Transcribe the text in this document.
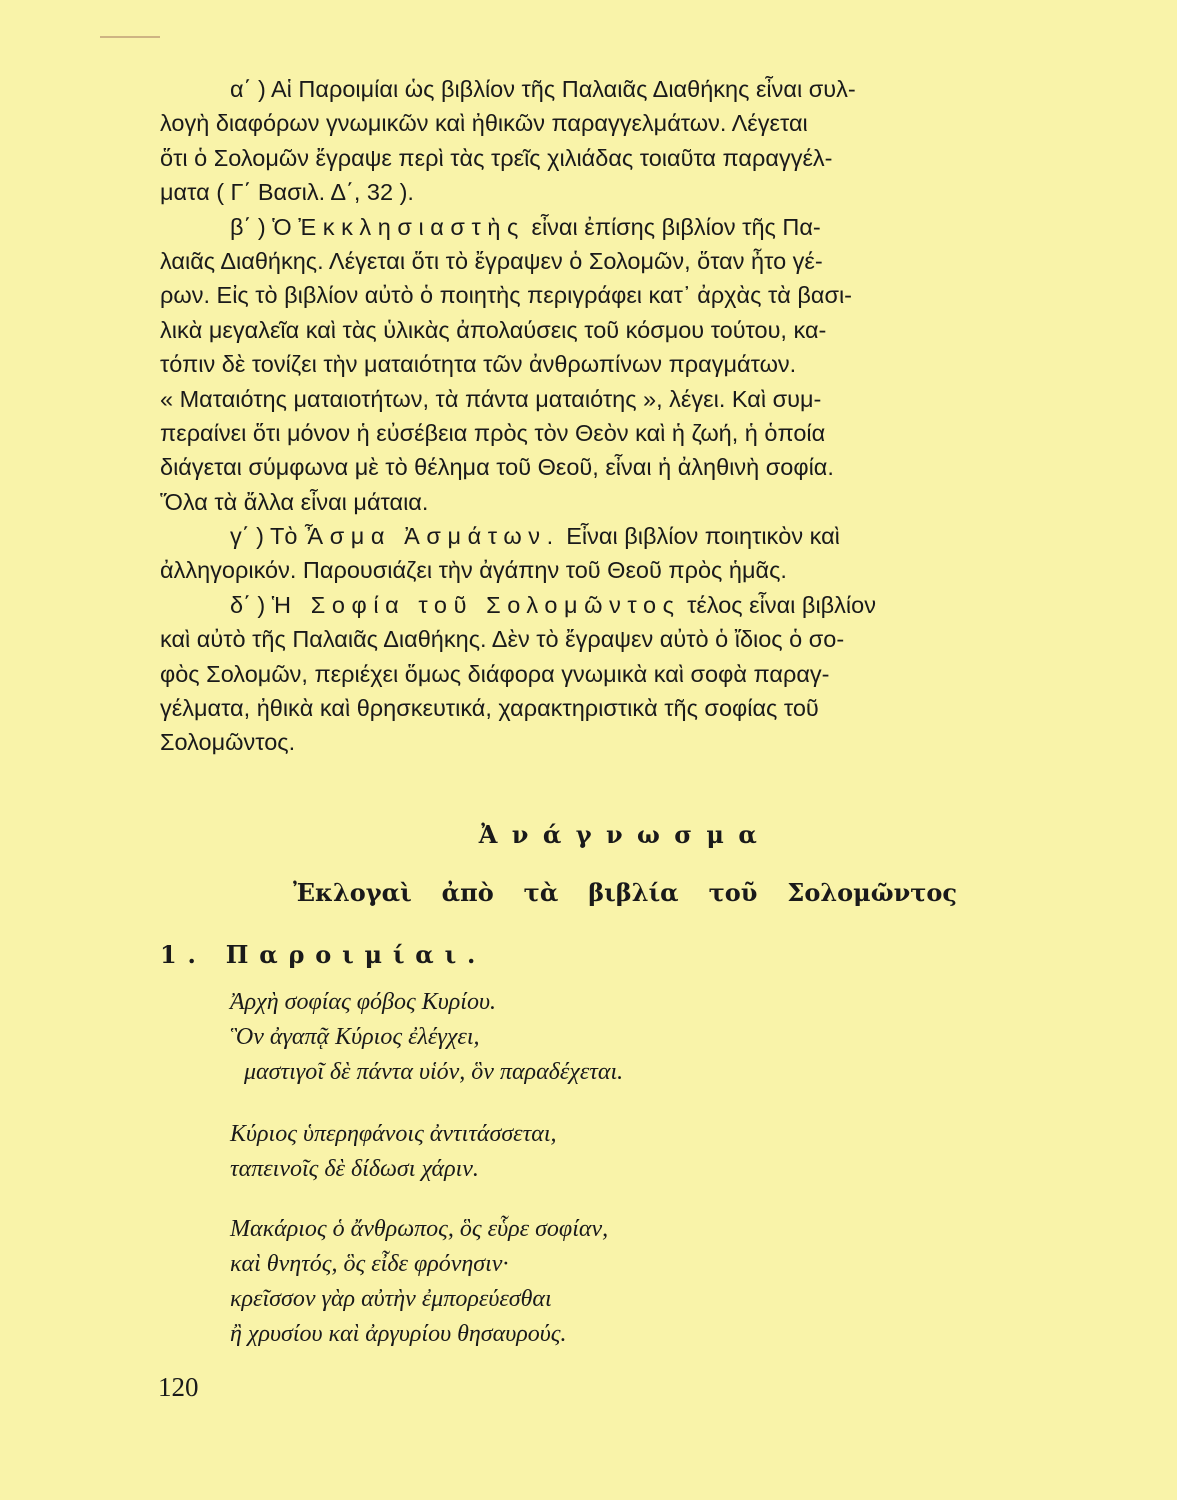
α΄ ) Αἱ Παροιμίαι ὡς βιβλίον τῆς Παλαιᾶς Διαθήκης εἶναι συλ-
λογὴ διαφόρων γνωμικῶν καὶ ἠθικῶν παραγγελμάτων. Λέγεται
ὅτι ὁ Σολομῶν ἔγραψε περὶ τὰς τρεῖς χιλιάδας τοιαῦτα παραγγέλ-
ματα ( Γ΄ Βασιλ. Δ΄, 32 ).
β΄ ) Ὁ Ἐκκλησιαστὴς εἶναι ἐπίσης βιβλίον τῆς Πα-
λαιᾶς Διαθήκης. Λέγεται ὅτι τὸ ἔγραψεν ὁ Σολομῶν, ὅταν ἦτο γέ-
ρων. Εἰς τὸ βιβλίον αὐτὸ ὁ ποιητὴς περιγράφει κατ᾽ ἀρχὰς τὰ βασι-
λικὰ μεγαλεῖα καὶ τὰς ὑλικὰς ἀπολαύσεις τοῦ κόσμου τούτου, κα-
τόπιν δὲ τονίζει τὴν ματαιότητα τῶν ἀνθρωπίνων πραγμάτων.
« Ματαιότης ματαιοτήτων, τὰ πάντα ματαιότης », λέγει. Καὶ συμ-
περαίνει ὅτι μόνον ἡ εὐσέβεια πρὸς τὸν Θεὸν καὶ ἡ ζωή, ἡ ὁποία
διάγεται σύμφωνα μὲ τὸ θέλημα τοῦ Θεοῦ, εἶναι ἡ ἀληθινὴ σοφία.
Ὅλα τὰ ἄλλα εἶναι μάταια.
γ΄ ) Τὸ Ἆσμα Ἀσμάτων. Εἶναι βιβλίον ποιητικὸν καὶ
ἀλληγορικόν. Παρουσιάζει τὴν ἀγάπην τοῦ Θεοῦ πρὸς ἡμᾶς.
δ΄ ) Ἡ Σοφία τοῦ Σολομῶντος τέλος εἶναι βιβλίον
καὶ αὐτὸ τῆς Παλαιᾶς Διαθήκης. Δὲν τὸ ἔγραψεν αὐτὸ ὁ ἴδιος ὁ σο-
φὸς Σολομῶν, περιέχει ὅμως διάφορα γνωμικὰ καὶ σοφὰ παραγ-
γέλματα, ἠθικὰ καὶ θρησκευτικά, χαρακτηριστικὰ τῆς σοφίας τοῦ
Σολομῶντος.
Ἀνάγνωσμα
Ἐκλογαὶ ἀπὸ τὰ βιβλία τοῦ Σολομῶντος
1. Παροιμίαι.
Ἀρχὴ σοφίας φόβος Κυρίου.
Ὃν ἀγαπᾷ Κύριος ἐλέγχει,
μαστιγοῖ δὲ πάντα υἱόν, ὃν παραδέχεται.
Κύριος ὑπερηφάνοις ἀντιτάσσεται,
ταπεινοῖς δὲ δίδωσι χάριν.
Μακάριος ὁ ἄνθρωπος, ὃς εὗρε σοφίαν,
καὶ θνητός, ὃς εἶδε φρόνησιν·
κρεῖσσον γὰρ αὐτὴν ἐμπορεύεσθαι
ἢ χρυσίου καὶ ἀργυρίου θησαυρούς.
120
